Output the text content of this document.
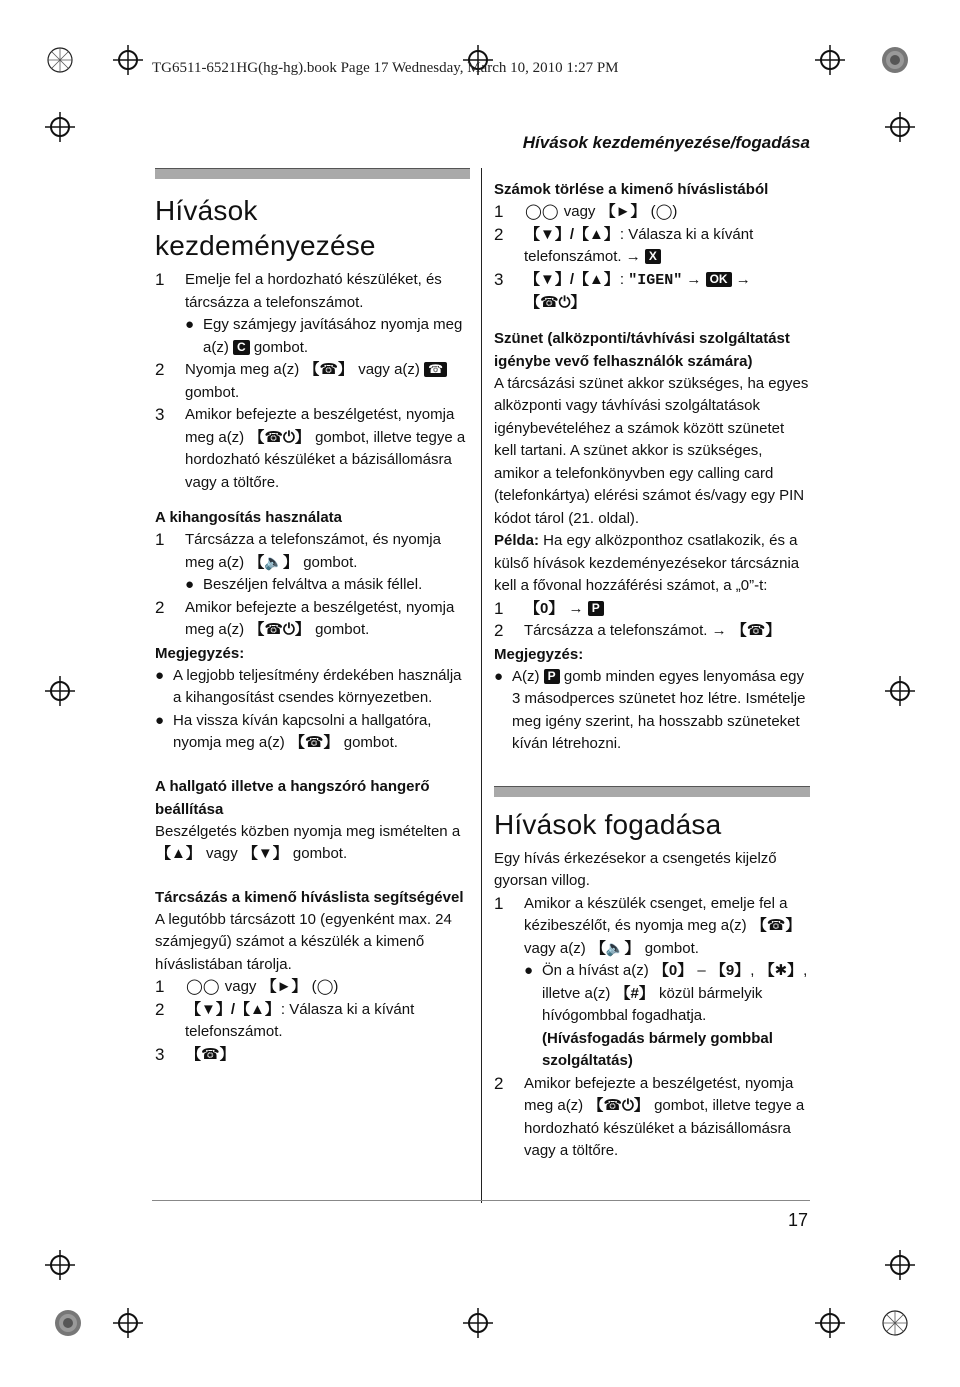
TG6511-6521HG(hg-hg).book Page 17 Wednesday, March 10, 2010 1:27 PM
Hívások kezdeményezése/fogadása
Hívások
kezdeményezése
1	Emelje fel a hordozható készüléket, és tárcsázza a telefonszámot.
● Egy számjegy javításához nyomja meg a(z) C gombot.
2	Nyomja meg a(z) 【☎】 vagy a(z) ☎ gombot.
3	Amikor befejezte a beszélgetést, nyomja meg a(z) 【☎⏻】 gombot, illetve tegye a hordozható készüléket a bázisállomásra vagy a töltőre.

A kihangosítás használata

1	Tárcsázza a telefonszámot, és nyomja meg a(z) 【🔈】 gombot.
● Beszéljen felváltva a másik féllel.
2	Amikor befejezte a beszélgetést, nyomja meg a(z) 【☎⏻】 gombot.

Megjegyzés:

● A legjobb teljesítmény érdekében használja a kihangosítást csendes környezetben.
● Ha vissza kíván kapcsolni a hallgatóra, nyomja meg a(z) 【☎】 gombot.

A hallgató illetve a hangszóró hangerő beállítása

Beszélgetés közben nyomja meg ismételten a 【▲】 vagy 【▼】 gombot.

Tárcsázás a kimenő híváslista segítségével

A legutóbb tárcsázott 10 (egyenként max. 24 számjegyű) számot a készülék a kimenő híváslistában tárolja.

1	◯◯ vagy 【►】 (◯)
2	【▼】/【▲】: Válasza ki a kívánt telefonszámot.
3	【☎】

Számok törlése a kimenő híváslistából

1	◯◯ vagy 【►】 (◯)
2	【▼】/【▲】: Válasza ki a kívánt telefonszámot. → X
3	【▼】/【▲】: "IGEN" → OK → 【☎⏻】

Szünet (alközponti/távhívási szolgáltatást igénybe vevő felhasználók számára)

A tárcsázási szünet akkor szükséges, ha egyes alközponti vagy távhívási szolgáltatások igénybevételéhez a számok között szünetet kell tartani. A szünet akkor is szükséges, amikor a telefonkönyvben egy calling card (telefonkártya) elérési számot és/vagy egy PIN kódot tárol (21. oldal).

Példa: Ha egy alközponthoz csatlakozik, és a külső hívások kezdeményezésekor tárcsáznia kell a fővonal hozzáférési számot, a „0”-t:

1	【0】 → P
2	Tárcsázza a telefonszámot. → 【☎】

Megjegyzés:

● A(z) P gomb minden egyes lenyomása egy 3 másodperces szünetet hoz létre. Ismételje meg igény szerint, ha hosszabb szüneteket kíván létrehozni.
Hívások fogadása

Egy hívás érkezésekor a csengetés kijelző gyorsan villog.

1	Amikor a készülék csenget, emelje fel a kézibeszélőt, és nyomja meg a(z) 【☎】 vagy a(z) 【🔈】 gombot.
● Ön a hívást a(z) 【0】 – 【9】, 【✱】, illetve a(z) 【#】 közül bármelyik hívógombbal fogadhatja. (Hívásfogadás bármely gombbal szolgáltatás)
2	Amikor befejezte a beszélgetést, nyomja meg a(z) 【☎⏻】 gombot, illetve tegye a hordozható készüléket a bázisállomásra vagy a töltőre.
17
